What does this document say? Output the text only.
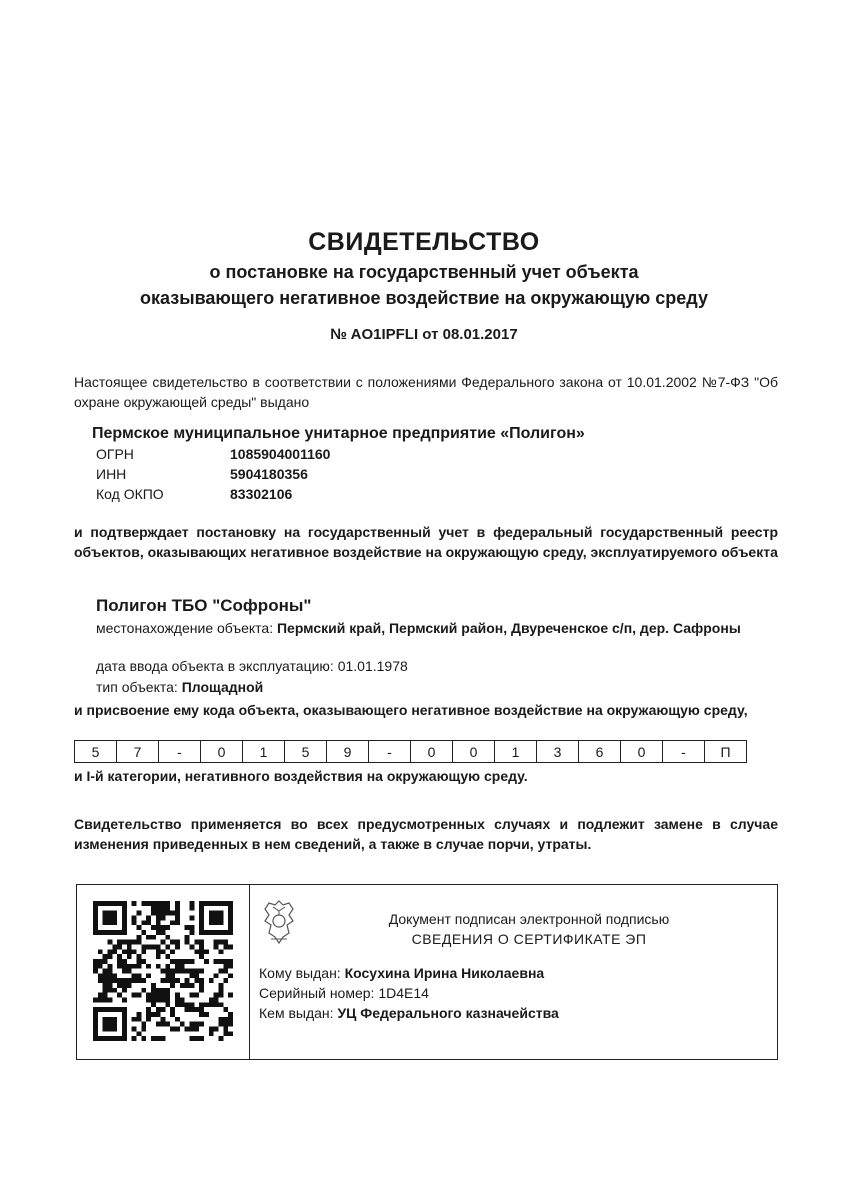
СВИДЕТЕЛЬСТВО
о постановке на государственный учет объекта
оказывающего негативное воздействие на окружающую среду
№ AO1IPFLI от 08.01.2017
Настоящее свидетельство в соответствии с положениями Федерального закона от 10.01.2002 №7-ФЗ "Об охране окружающей среды" выдано
Пермское муниципальное унитарное предприятие «Полигон»
ОГРН	1085904001160
ИНН	5904180356
Код ОКПО	83302106
и подтверждает постановку на государственный учет в федеральный государственный реестр объектов, оказывающих негативное воздействие на окружающую среду, эксплуатируемого объекта
Полигон ТБО "Софроны"
местонахождение объекта: Пермский край, Пермский район, Двуреченское с/п, дер. Сафроны
дата ввода объекта в эксплуатацию: 01.01.1978
тип объекта: Площадной
и присвоение ему кода объекта, оказывающего негативное воздействие на окружающую среду,
5	7	-	0	1	5	9	-	0	0	1	3	6	0	-	П
и I-й категории, негативного воздействия на окружающую среду.
Свидетельство применяется во всех предусмотренных случаях и подлежит замене в случае изменения приведенных в нем сведений, а также в случае порчи, утраты.
Документ подписан электронной подписью
СВЕДЕНИЯ О СЕРТИФИКАТЕ ЭП
Кому выдан: Косухина Ирина Николаевна
Серийный номер: 1D4E14
Кем выдан: УЦ Федерального казначейства
